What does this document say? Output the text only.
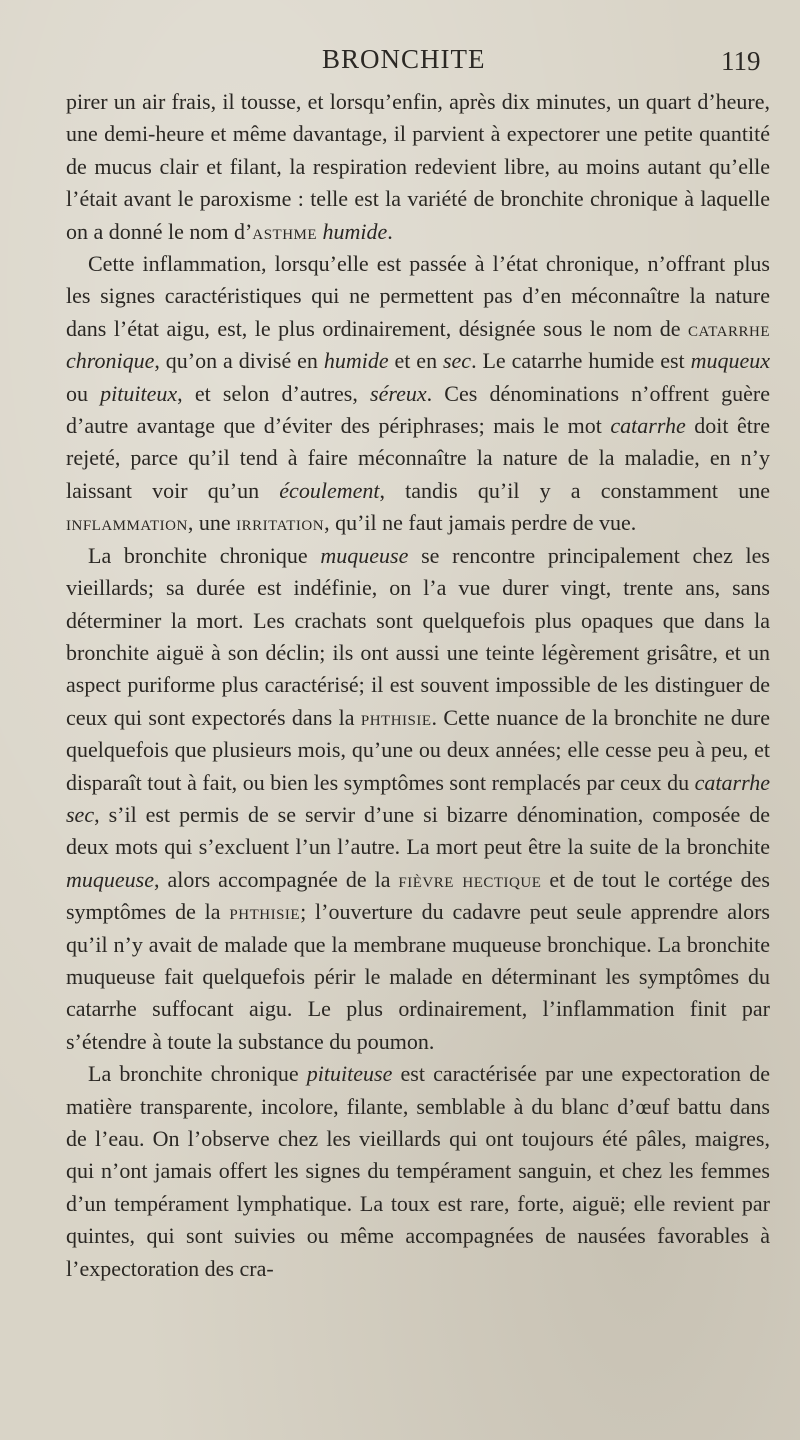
BRONCHITE	119

pirer un air frais, il tousse, et lorsqu’enfin, après dix minutes, un quart d’heure, une demi-heure et même davantage, il parvient à expectorer une petite quantité de mucus clair et filant, la respiration redevient libre, au moins autant qu’elle l’était avant le paroxisme : telle est la variété de bronchite chronique à laquelle on a donné le nom d’asthme humide.

Cette inflammation, lorsqu’elle est passée à l’état chronique, n’offrant plus les signes caractéristiques qui ne permettent pas d’en méconnaître la nature dans l’état aigu, est, le plus ordinairement, désignée sous le nom de catarrhe chronique, qu’on a divisé en humide et en sec. Le catarrhe humide est muqueux ou pituiteux, et selon d’autres, séreux. Ces dénominations n’offrent guère d’autre avantage que d’éviter des périphrases; mais le mot catarrhe doit être rejeté, parce qu’il tend à faire méconnaître la nature de la maladie, en n’y laissant voir qu’un écoulement, tandis qu’il y a constamment une inflammation, une irritation, qu’il ne faut jamais perdre de vue.

La bronchite chronique muqueuse se rencontre principalement chez les vieillards; sa durée est indéfinie, on l’a vue durer vingt, trente ans, sans déterminer la mort. Les crachats sont quelquefois plus opaques que dans la bronchite aiguë à son déclin; ils ont aussi une teinte légèrement grisâtre, et un aspect puriforme plus caractérisé; il est souvent impossible de les distinguer de ceux qui sont expectorés dans la phthisie. Cette nuance de la bronchite ne dure quelquefois que plusieurs mois, qu’une ou deux années; elle cesse peu à peu, et disparaît tout à fait, ou bien les symptômes sont remplacés par ceux du catarrhe sec, s’il est permis de se servir d’une si bizarre dénomination, composée de deux mots qui s’excluent l’un l’autre. La mort peut être la suite de la bronchite muqueuse, alors accompagnée de la fièvre hectique et de tout le cortége des symptômes de la phthisie; l’ouverture du cadavre peut seule apprendre alors qu’il n’y avait de malade que la membrane muqueuse bronchique. La bronchite muqueuse fait quelquefois périr le malade en déterminant les symptômes du catarrhe suffocant aigu. Le plus ordinairement, l’inflammation finit par s’étendre à toute la substance du poumon.

La bronchite chronique pituiteuse est caractérisée par une expectoration de matière transparente, incolore, filante, semblable à du blanc d’œuf battu dans de l’eau. On l’observe chez les vieillards qui ont toujours été pâles, maigres, qui n’ont jamais offert les signes du tempérament sanguin, et chez les femmes d’un tempérament lymphatique. La toux est rare, forte, aiguë; elle revient par quintes, qui sont suivies ou même accompagnées de nausées favorables à l’expectoration des cra-
